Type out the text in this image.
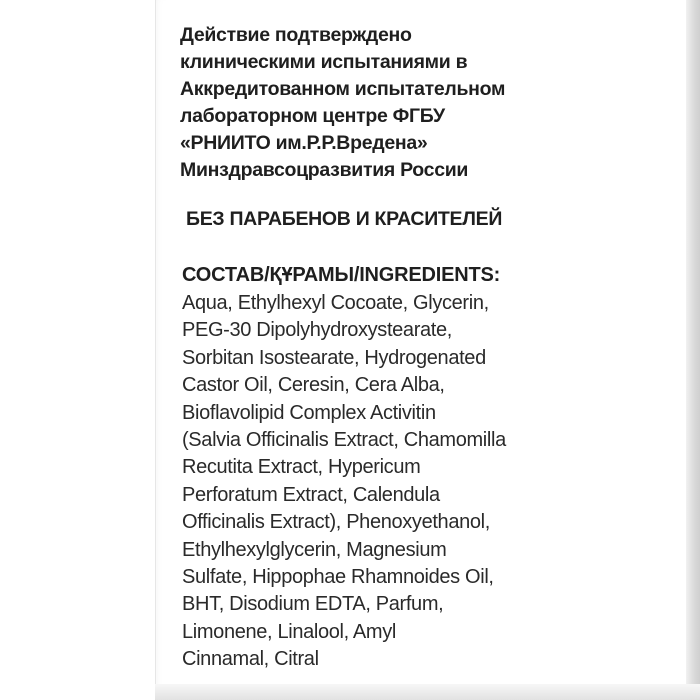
Действие подтверждено
клиническими испытаниями в
Аккредитованном испытательном
лабораторном центре ФГБУ
«РНИИТО им.Р.Р.Вредена»
Минздравсоцразвития России
БЕЗ ПАРАБЕНОВ И КРАСИТЕЛЕЙ
СОСТАВ/ҚҰРАМЫ/INGREDIENTS:
Aqua, Ethylhexyl Cocoate, Glycerin,
PEG-30 Dipolyhydroxystearate,
Sorbitan Isostearate, Hydrogenated
Castor Oil, Ceresin, Cera Alba,
Bioflavolipid Complex Activitin
(Salvia Officinalis Extract, Chamomilla
Recutita Extract, Hypericum
Perforatum Extract, Calendula
Officinalis Extract), Phenoxyethanol,
Ethylhexylglycerin, Magnesium
Sulfate, Hippophae Rhamnoides Oil,
BHT, Disodium EDTA, Parfum,
Limonene, Linalool, Amyl
Cinnamal, Citral
